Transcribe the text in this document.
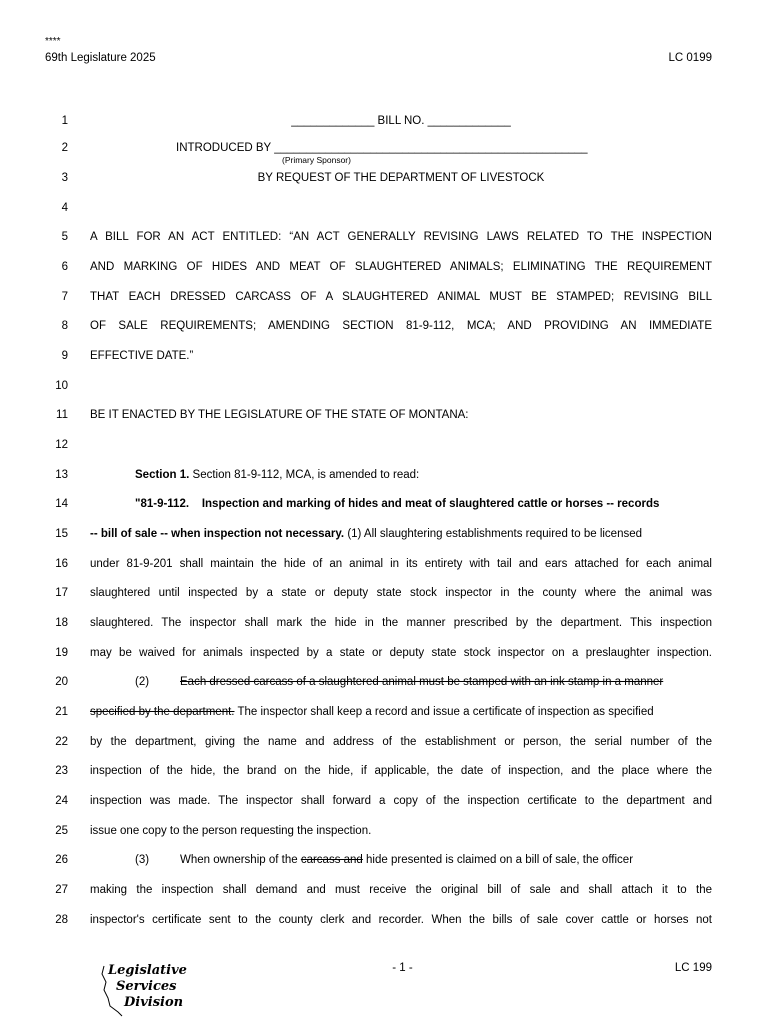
****
69th Legislature 2025	LC 0199
1	_____________ BILL NO. _____________
2	INTRODUCED BY _________________________________________________
(Primary Sponsor)
3	BY REQUEST OF THE DEPARTMENT OF LIVESTOCK
4
5 A BILL FOR AN ACT ENTITLED: “AN ACT GENERALLY REVISING LAWS RELATED TO THE INSPECTION
6 AND MARKING OF HIDES AND MEAT OF SLAUGHTERED ANIMALS; ELIMINATING THE REQUIREMENT
7 THAT EACH DRESSED CARCASS OF A SLAUGHTERED ANIMAL MUST BE STAMPED; REVISING BILL
8 OF SALE REQUIREMENTS; AMENDING SECTION 81-9-112, MCA; AND PROVIDING AN IMMEDIATE
9 EFFECTIVE DATE.”
10
11 BE IT ENACTED BY THE LEGISLATURE OF THE STATE OF MONTANA:
12
13	Section 1. Section 81-9-112, MCA, is amended to read:
14	"81-9-112.    Inspection and marking of hides and meat of slaughtered cattle or horses -- records
15 -- bill of sale -- when inspection not necessary. (1) All slaughtering establishments required to be licensed
16 under 81-9-201 shall maintain the hide of an animal in its entirety with tail and ears attached for each animal
17 slaughtered until inspected by a state or deputy state stock inspector in the county where the animal was
18 slaughtered. The inspector shall mark the hide in the manner prescribed by the department. This inspection
19 may be waived for animals inspected by a state or deputy state stock inspector on a preslaughter inspection.
20	(2)	Each dressed carcass of a slaughtered animal must be stamped with an ink stamp in a manner
21 specified by the department. The inspector shall keep a record and issue a certificate of inspection as specified
22 by the department, giving the name and address of the establishment or person, the serial number of the
23 inspection of the hide, the brand on the hide, if applicable, the date of inspection, and the place where the
24 inspection was made. The inspector shall forward a copy of the inspection certificate to the department and
25 issue one copy to the person requesting the inspection.
26	(3)	When ownership of the carcass and hide presented is claimed on a bill of sale, the officer
27 making the inspection shall demand and must receive the original bill of sale and shall attach it to the
28 inspector's certificate sent to the county clerk and recorder. When the bills of sale cover cattle or horses not
Legislative
Services
Division
- 1 -	LC 199
